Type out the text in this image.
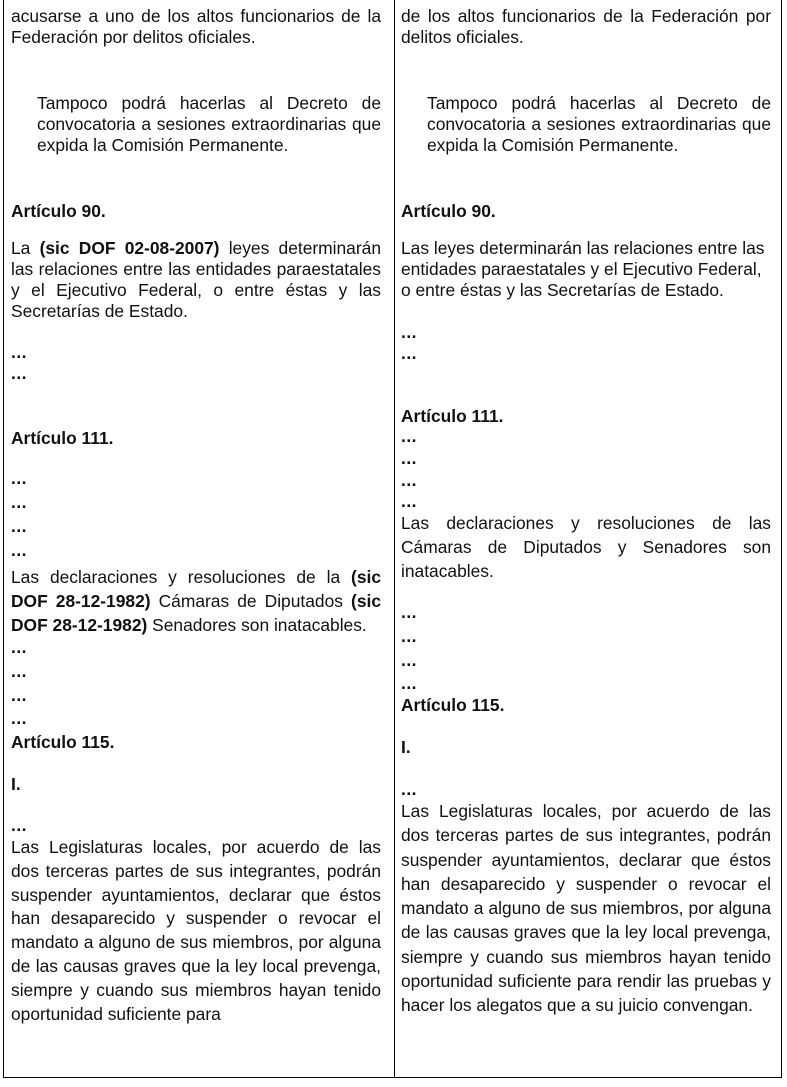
acusarse a uno de los altos funcionarios de la Federación por delitos oficiales.

Tampoco podrá hacerlas al Decreto de convocatoria a sesiones extraordinarias que expida la Comisión Permanente.

Artículo 90.

La (sic DOF 02-08-2007) leyes determinarán las relaciones entre las entidades paraestatales y el Ejecutivo Federal, o entre éstas y las Secretarías de Estado.

...

...

Artículo 111.

...

...

...

...

Las declaraciones y resoluciones de la (sic DOF 28-12-1982) Cámaras de Diputados (sic DOF 28-12-1982) Senadores son inatacables.

...

...

...

...

Artículo 115.

I.

...

Las Legislaturas locales, por acuerdo de las dos terceras partes de sus integrantes, podrán suspender ayuntamientos, declarar que éstos han desaparecido y suspender o revocar el mandato a alguno de sus miembros, por alguna de las causas graves que la ley local prevenga, siempre y cuando sus miembros hayan tenido oportunidad suficiente para

de los altos funcionarios de la Federación por delitos oficiales.

Tampoco podrá hacerlas al Decreto de convocatoria a sesiones extraordinarias que expida la Comisión Permanente.

Artículo 90.

Las leyes determinarán las relaciones entre las entidades paraestatales y el Ejecutivo Federal, o entre éstas y las Secretarías de Estado.

...

...

Artículo 111.

...

...

...

...

Las declaraciones y resoluciones de las Cámaras de Diputados y Senadores son inatacables.

...

...

...

...

Artículo 115.

I.

...

Las Legislaturas locales, por acuerdo de las dos terceras partes de sus integrantes, podrán suspender ayuntamientos, declarar que éstos han desaparecido y suspender o revocar el mandato a alguno de sus miembros, por alguna de las causas graves que la ley local prevenga, siempre y cuando sus miembros hayan tenido oportunidad suficiente para rendir las pruebas y hacer los alegatos que a su juicio convengan.
